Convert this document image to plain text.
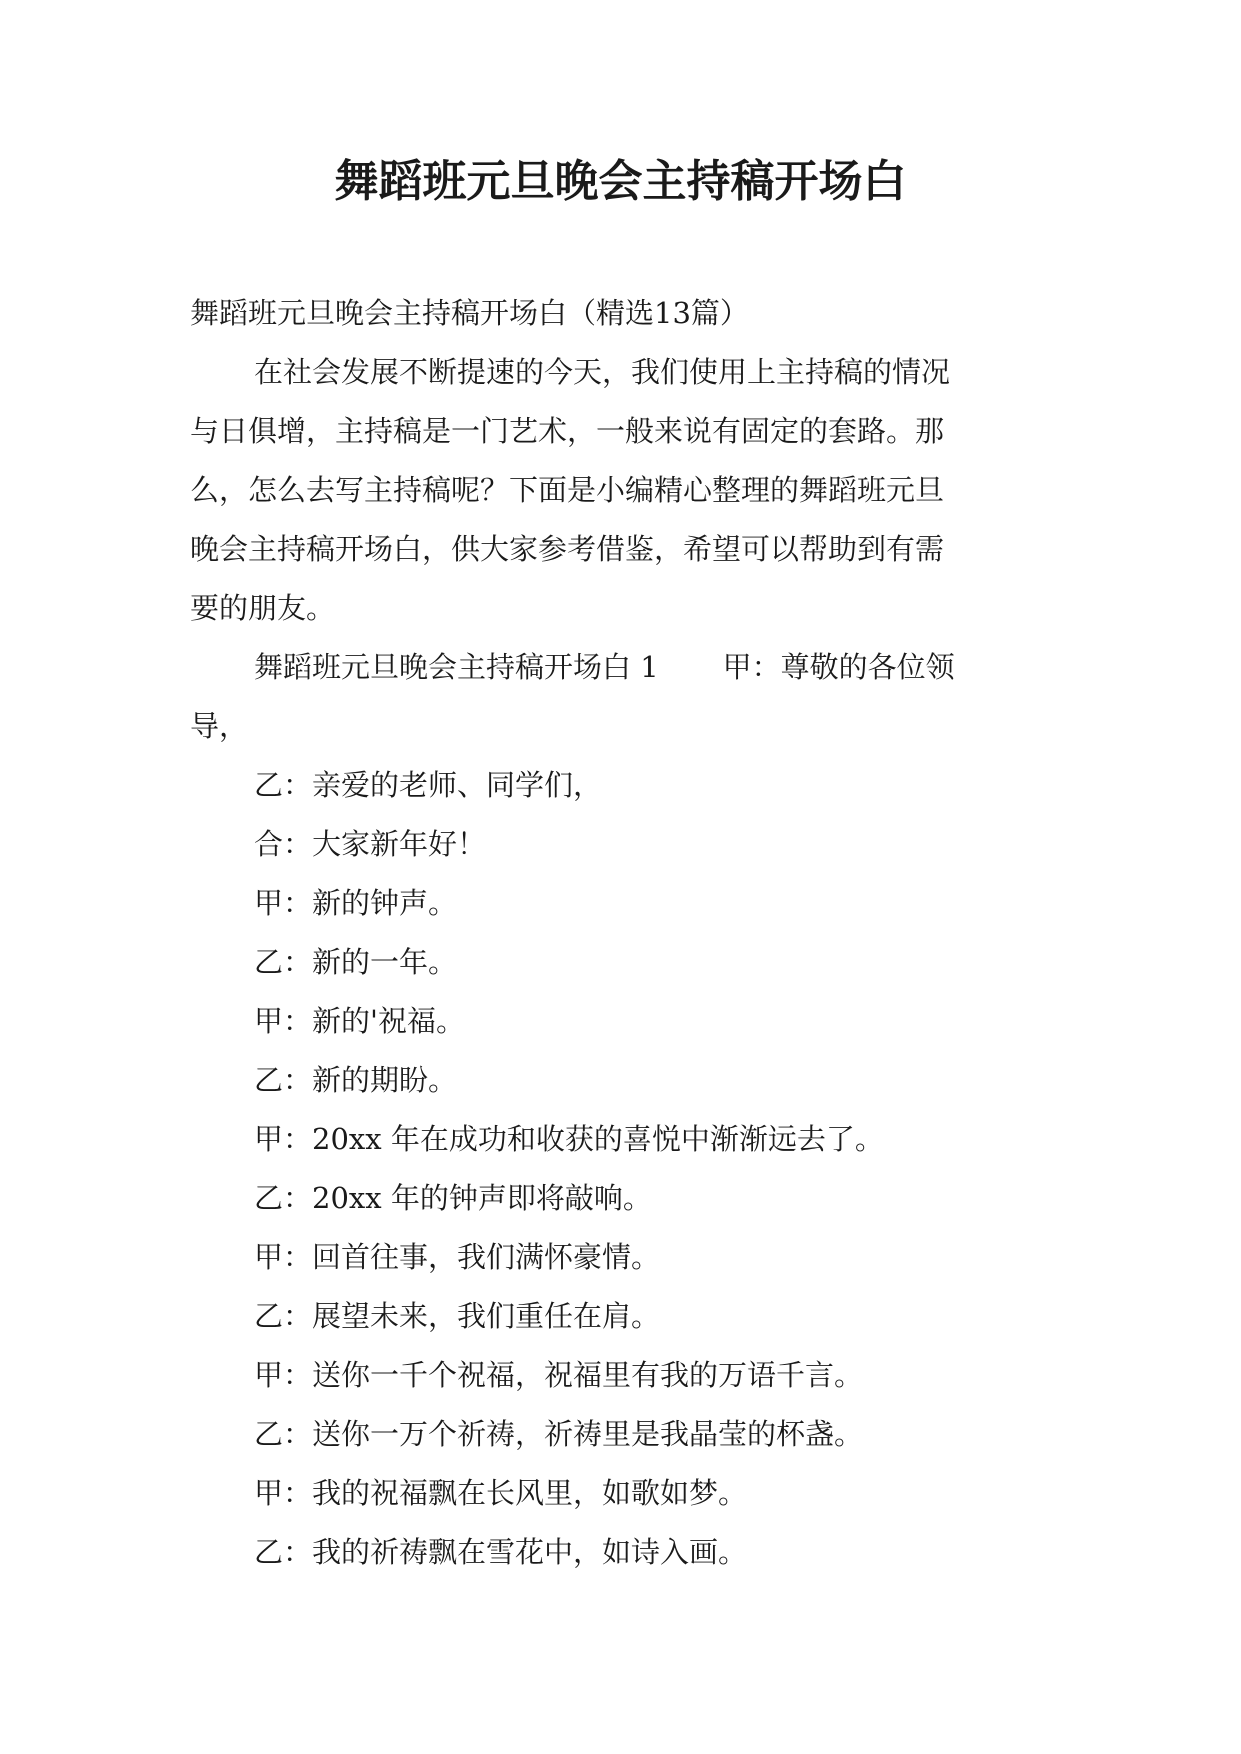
舞蹈班元旦晚会主持稿开场白
舞蹈班元旦晚会主持稿开场白（精选13篇）
在社会发展不断提速的今天，我们使用上主持稿的情况
与日俱增，主持稿是一门艺术，一般来说有固定的套路。那
么，怎么去写主持稿呢？下面是小编精心整理的舞蹈班元旦
晚会主持稿开场白，供大家参考借鉴，希望可以帮助到有需
要的朋友。
舞蹈班元旦晚会主持稿开场白 1 甲：尊敬的各位领
导，
乙：亲爱的老师、同学们，
合：大家新年好！
甲：新的钟声。
乙：新的一年。
甲：新的'祝福。
乙：新的期盼。
甲：20xx 年在成功和收获的喜悦中渐渐远去了。
乙：20xx 年的钟声即将敲响。
甲：回首往事，我们满怀豪情。
乙：展望未来，我们重任在肩。
甲：送你一千个祝福，祝福里有我的万语千言。
乙：送你一万个祈祷，祈祷里是我晶莹的杯盏。
甲：我的祝福飘在长风里，如歌如梦。
乙：我的祈祷飘在雪花中，如诗入画。
